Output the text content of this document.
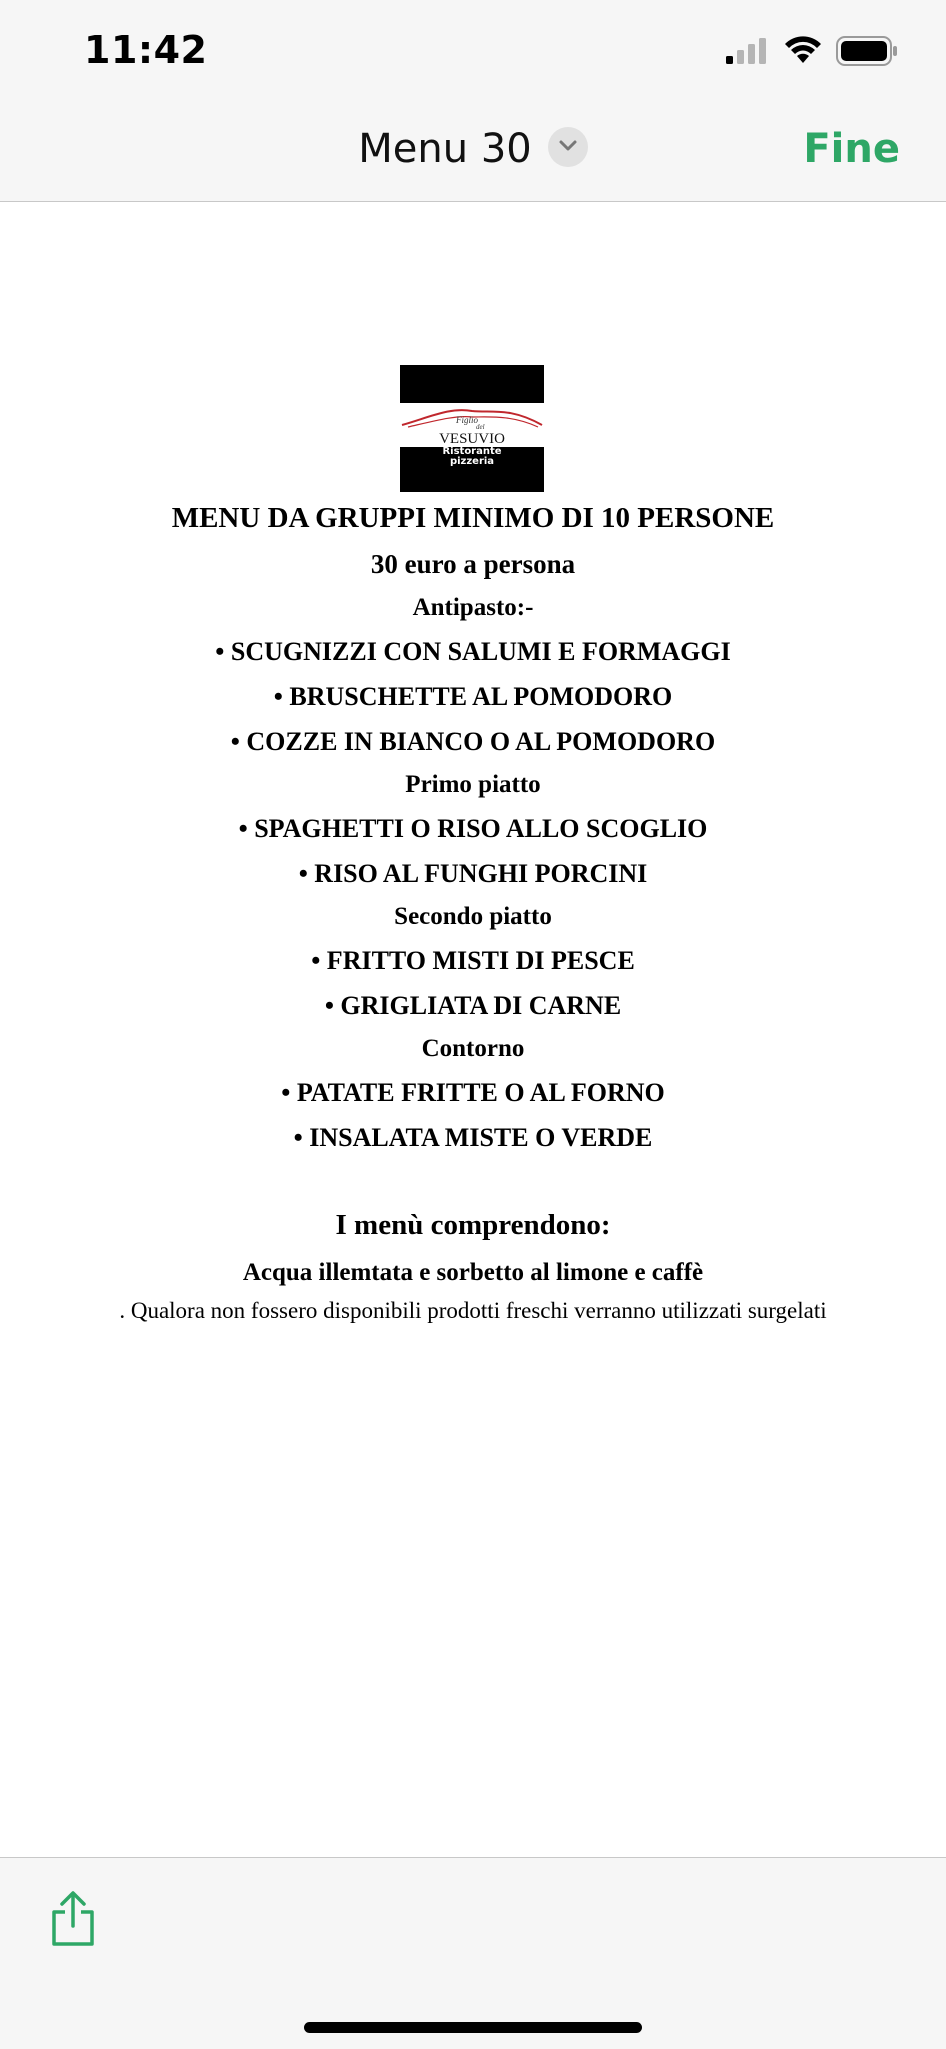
11:42
Menu 30	Fine
Figlio
del
VESUVIO
Ristorante
pizzeria
MENU DA GRUPPI MINIMO DI 10 PERSONE
30 euro a persona
Antipasto:-
• SCUGNIZZI CON SALUMI E FORMAGGI
• BRUSCHETTE AL POMODORO
• COZZE IN BIANCO O AL POMODORO
Primo piatto
• SPAGHETTI O RISO ALLO SCOGLIO
• RISO AL FUNGHI PORCINI
Secondo piatto
• FRITTO MISTI DI PESCE
• GRIGLIATA DI CARNE
Contorno
• PATATE FRITTE O AL FORNO
• INSALATA MISTE O VERDE
I menù comprendono:
Acqua illemtata e sorbetto al limone e caffè
. Qualora non fossero disponibili prodotti freschi verranno utilizzati surgelati
